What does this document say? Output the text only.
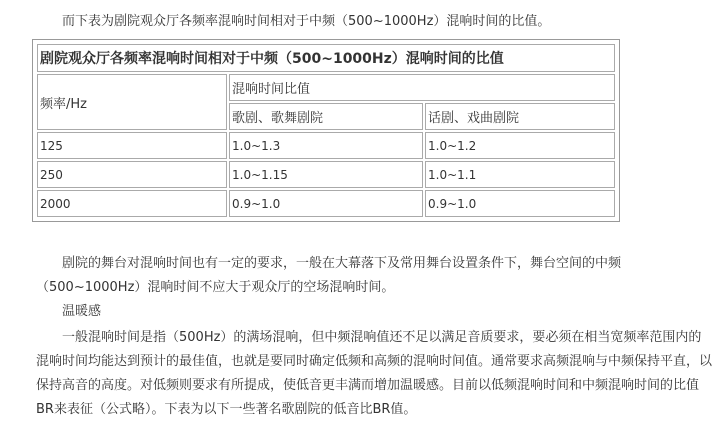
而下表为剧院观众厅各频率混响时间相对于中频（500~1000Hz）混响时间的比值。
剧院观众厅各频率混响时间相对于中频（500~1000Hz）混响时间的比值		
频率/Hz	混响时间比值	
	歌剧、歌舞剧院	话剧、戏曲剧院
125	1.0~1.3	1.0~1.2
250	1.0~1.15	1.0~1.1
2000	0.9~1.0	0.9~1.0
剧院的舞台对混响时间也有一定的要求，一般在大幕落下及常用舞台设置条件下，舞台空间的中频（500~1000Hz）混响时间不应大于观众厅的空场混响时间。
温暖感
一般混响时间是指（500Hz）的满场混响，但中频混响值还不足以满足音质要求，要必须在相当宽频率范围内的混响时间均能达到预计的最佳值，也就是要同时确定低频和高频的混响时间值。通常要求高频混响与中频保持平直，以保持高音的高度。对低频则要求有所提成，使低音更丰满而增加温暖感。目前以低频混响时间和中频混响时间的比值BR来表征（公式略）。下表为以下一些著名歌剧院的低音比BR值。
